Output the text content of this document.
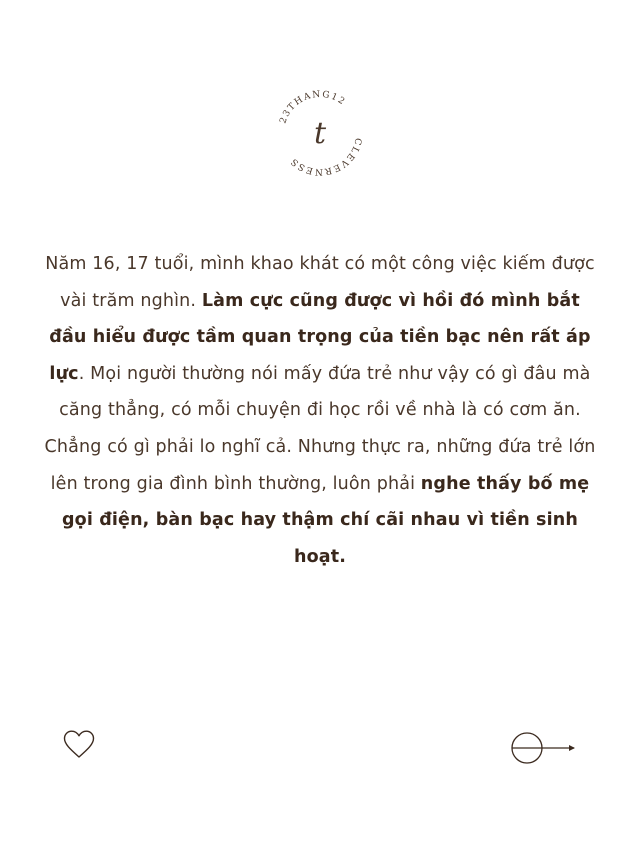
23THANG12
CLEVERNESS
t
Năm 16, 17 tuổi, mình khao khát có một công việc kiếm được vài trăm nghìn. Làm cực cũng được vì hồi đó mình bắt đầu hiểu được tầm quan trọng của tiền bạc nên rất áp lực. Mọi người thường nói mấy đứa trẻ như vậy có gì đâu mà căng thẳng, có mỗi chuyện đi học rồi về nhà là có cơm ăn. Chẳng có gì phải lo nghĩ cả. Nhưng thực ra, những đứa trẻ lớn lên trong gia đình bình thường, luôn phải nghe thấy bố mẹ gọi điện, bàn bạc hay thậm chí cãi nhau vì tiền sinh hoạt.
